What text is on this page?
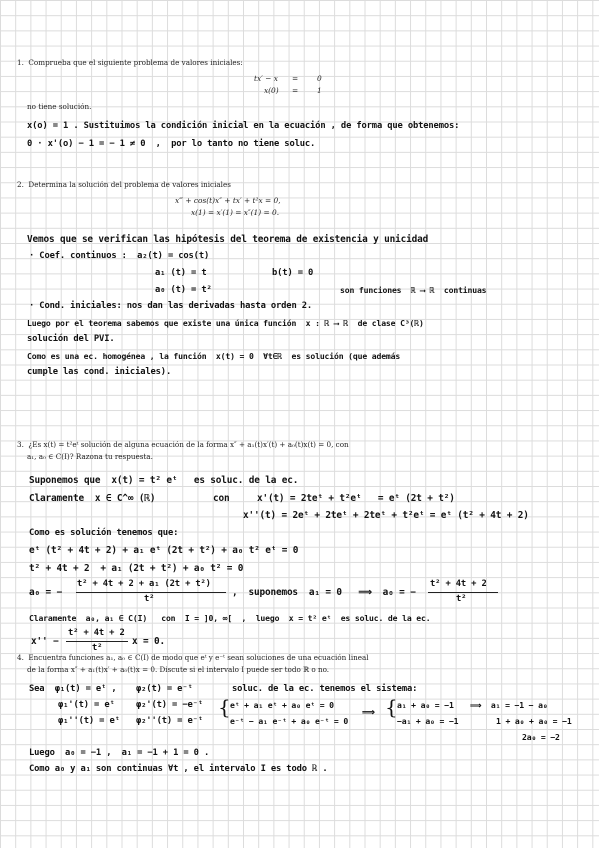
1.  Comprueba que el siguiente problema de valores iniciales:
tx′ − x =	0
x(0) =	1
no tiene solución.
x(o) = 1 . Sustituimos la condición inicial en la ecuación , de forma que obtenemos:
0 · x'(o) − 1 = − 1 ≠ 0  ,  por lo tanto no tiene soluc.
2.  Determina la solución del problema de valores iniciales
x‴ + cos(t)x″ + tx′ + t²x = 0,
x(1) = x′(1) = x″(1) = 0.
Vemos que se verifican las hipótesis del teorema de existencia y unicidad
· Coef. continuos :  a₂(t) = cos(t)
a₁ (t) = t	b(t) = 0
a₀ (t) = t²	son funciones  ℝ ⟶ ℝ  continuas
· Cond. iniciales: nos dan las derivadas hasta orden 2.
Luego por el teorema sabemos que existe una única función  x : ℝ ⟶ ℝ  de clase C³(ℝ)
solución del PVI.
Como es una ec. homogénea , la función  x(t) = 0  ∀t∈ℝ  es solución (que además
cumple las cond. iniciales).
3.  ¿Es x(t) = t²eᵗ solución de alguna ecuación de la forma x″ + a₁(t)x′(t) + a₀(t)x(t) = 0, con
a₁, a₀ ∈ C(I)? Razona tu respuesta.
Suponemos que  x(t) = t² eᵗ   es soluc. de la ec.
Claramente  x ∈ C^∞ (ℝ)	con     x'(t) = 2teᵗ + t²eᵗ   = eᵗ (2t + t²)
x''(t) = 2eᵗ + 2teᵗ + 2teᵗ + t²eᵗ = eᵗ (t² + 4t + 2)
Como es solución tenemos que:
eᵗ (t² + 4t + 2) + a₁ eᵗ (2t + t²) + a₀ t² eᵗ = 0
t² + 4t + 2  + a₁ (2t + t²) + a₀ t² = 0
a₀ = −
t² + 4t + 2 + a₁ (2t + t²)
t²
,  suponemos  a₁ = 0   ⟹  a₀ = −
t² + 4t + 2
t²
Claramente  a₀, a₁ ∈ C(I)   con  I = ]0, ∞[  ,  luego  x = t² eᵗ  es soluc. de la ec.
x'' −
t² + 4t + 2
t²
x = 0.
4.  Encuentra funciones a₁, a₀ ∈ C(I) de modo que eᵗ y e⁻ᵗ sean soluciones de una ecuación lineal
de la forma x″ + a₁(t)x′ + a₀(t)x = 0. Discute si el intervalo I puede ser todo ℝ o no.
Sea  φ₁(t) = eᵗ , φ₂(t) = e⁻ᵗ	soluc. de la ec. tenemos el sistema:
φ₁'(t) = eᵗ φ₂'(t) = −e⁻ᵗ
φ₁''(t) = eᵗ φ₂''(t) = e⁻ᵗ
{ eᵗ + a₁ eᵗ + a₀ eᵗ = 0
e⁻ᵗ − a₁ e⁻ᵗ + a₀ e⁻ᵗ = 0
⟹ { a₁ + a₀ = −1
−a₁ + a₀ = −1
⟹  a₁ = −1 − a₀
1 + a₀ + a₀ = −1
2a₀ = −2
Luego  a₀ = −1 ,  a₁ = −1 + 1 = 0 .
Como a₀ y a₁ son continuas ∀t , el intervalo I es todo ℝ .
